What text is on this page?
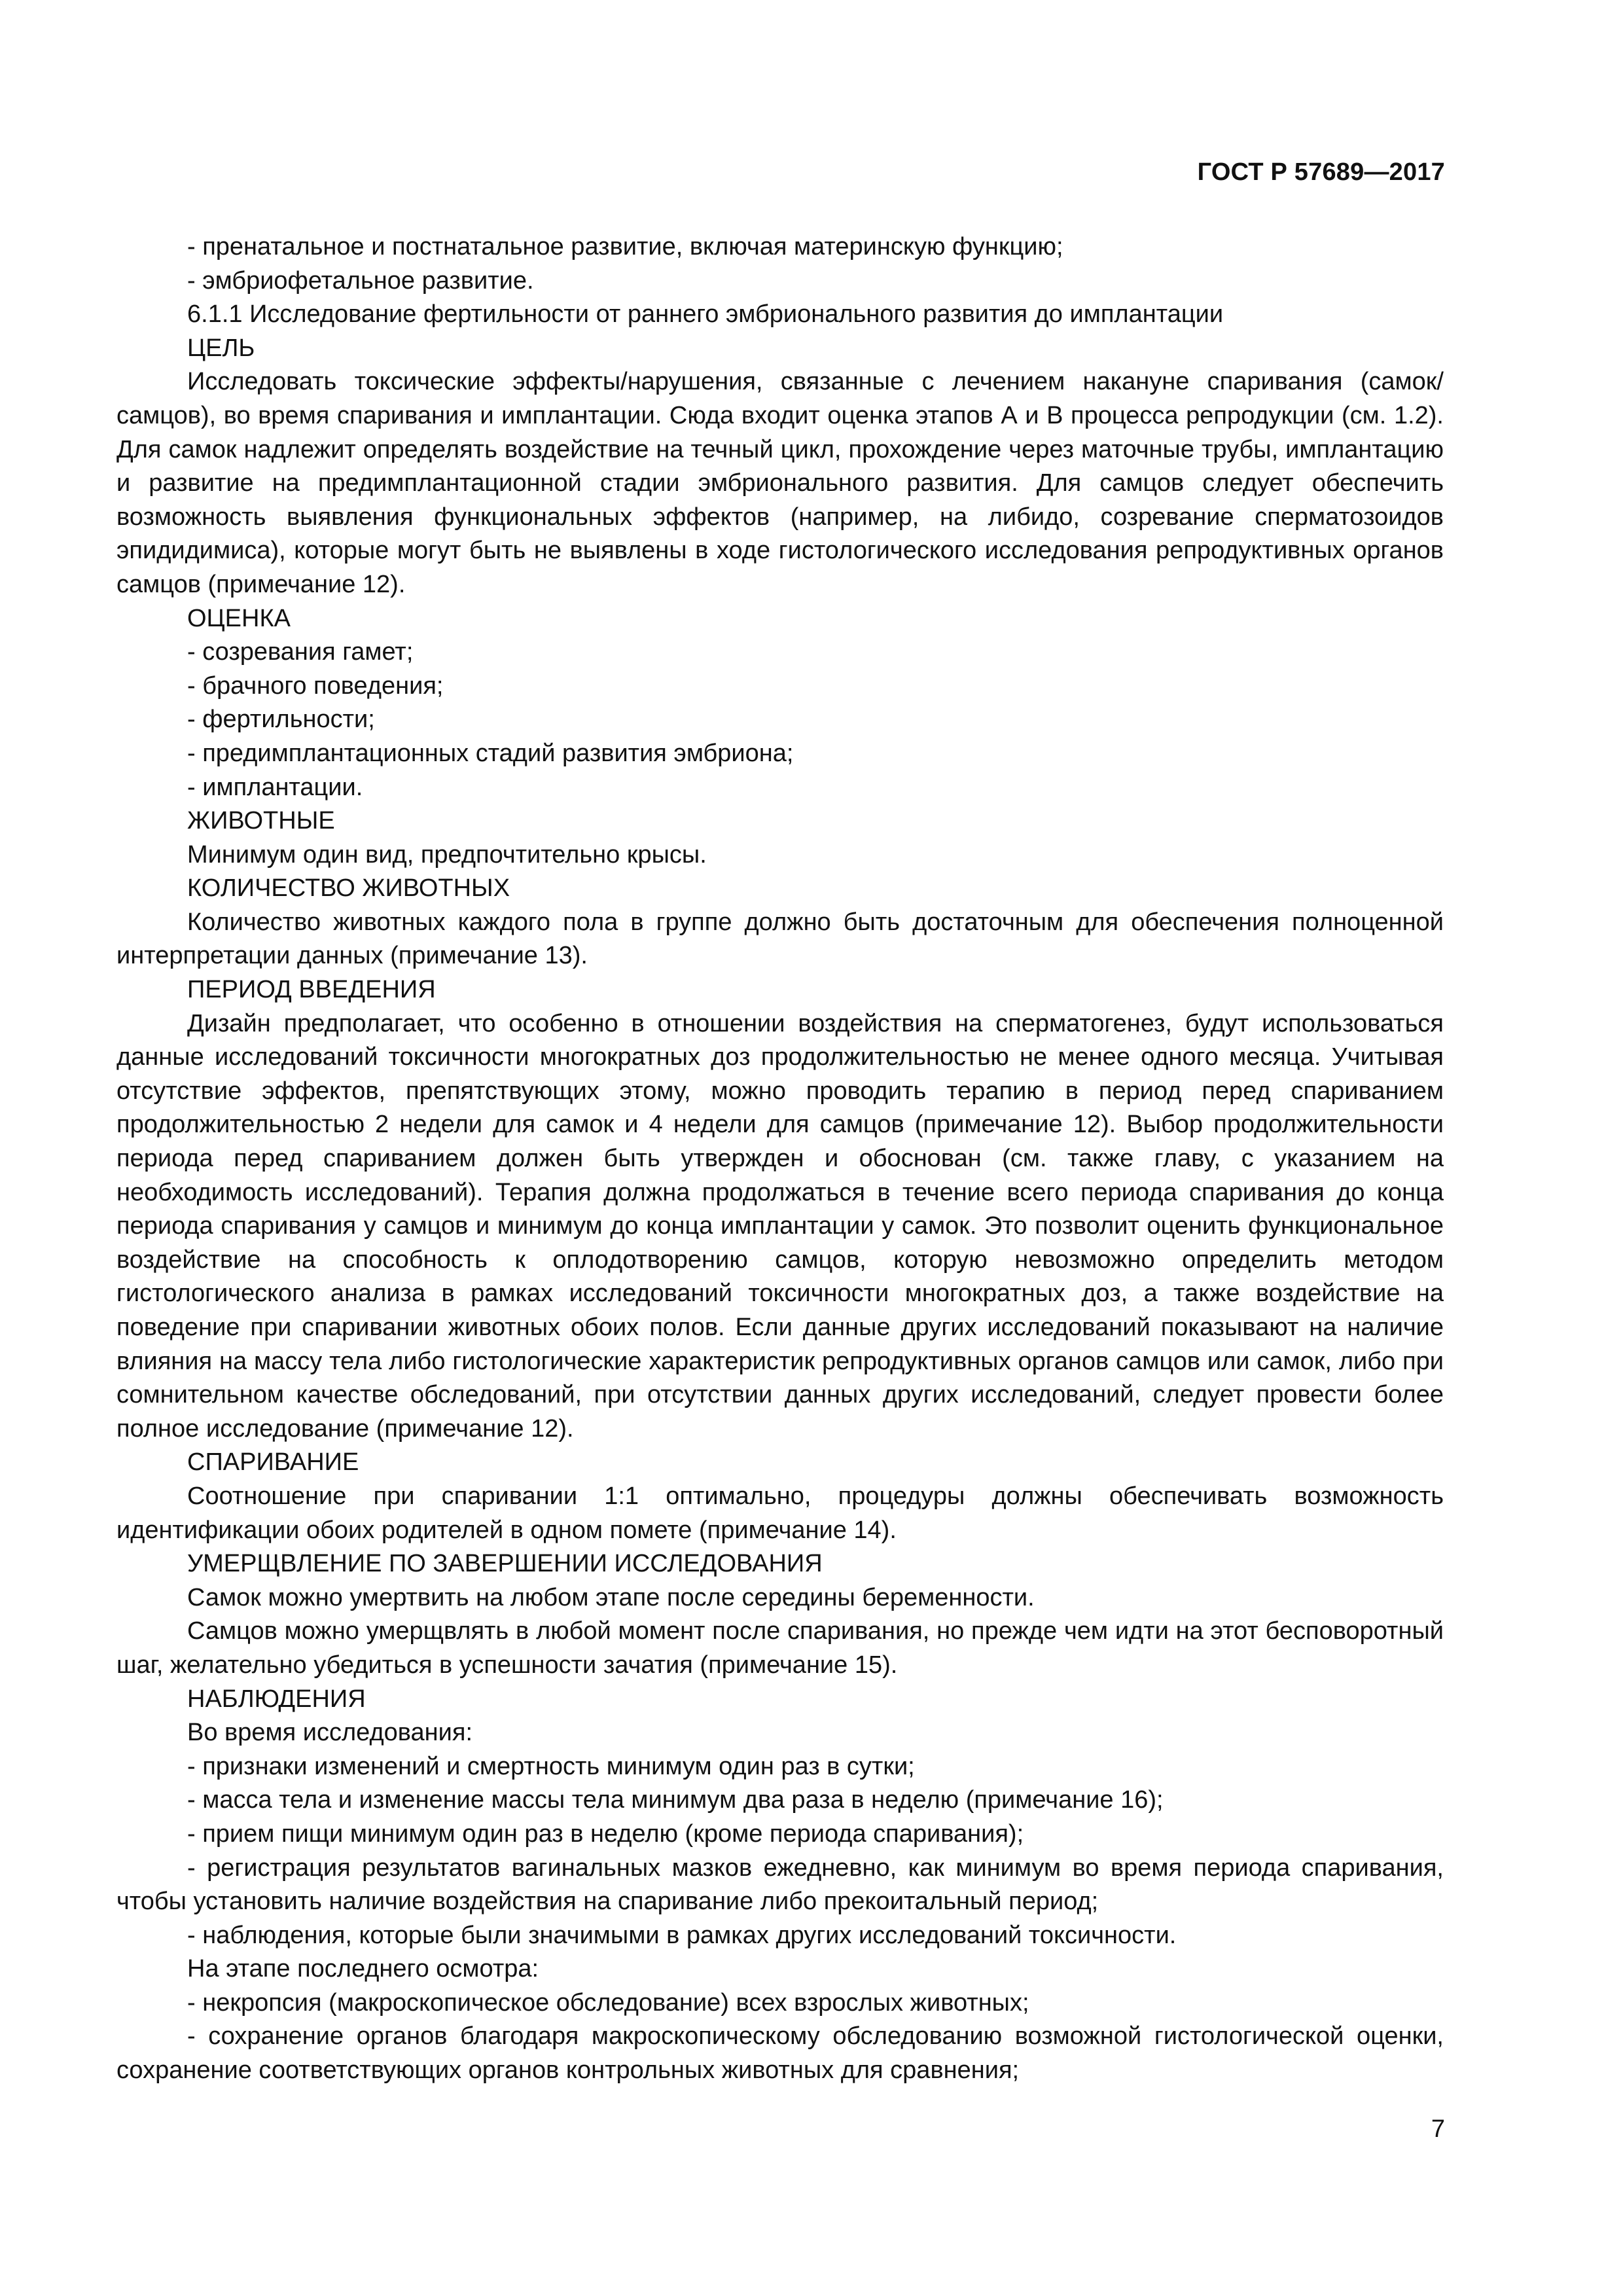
ГОСТ Р 57689—2017

- пренатальное и постнатальное развитие, включая материнскую функцию;

- эмбриофетальное развитие.

6.1.1 Исследование фертильности от раннего эмбрионального развития до имплантации

ЦЕЛЬ

Исследовать токсические эффекты/нарушения, связанные с лечением накануне спаривания (самок/самцов), во время спаривания и имплантации. Сюда входит оценка этапов А и В процесса репродукции (см. 1.2). Для самок надлежит определять воздействие на течный цикл, прохождение через маточные трубы, имплантацию и развитие на предимплантационной стадии эмбрионального развития. Для самцов следует обеспечить возможность выявления функциональных эффектов (например, на либидо, созревание сперматозоидов эпидидимиса), которые могут быть не выявлены в ходе гистологического исследования репродуктивных органов самцов (примечание 12).

ОЦЕНКА

- созревания гамет;

- брачного поведения;

- фертильности;

- предимплантационных стадий развития эмбриона;

- имплантации.

ЖИВОТНЫЕ

Минимум один вид, предпочтительно крысы.

КОЛИЧЕСТВО ЖИВОТНЫХ

Количество животных каждого пола в группе должно быть достаточным для обеспечения полноценной интерпретации данных (примечание 13).

ПЕРИОД ВВЕДЕНИЯ

Дизайн предполагает, что особенно в отношении воздействия на сперматогенез, будут использоваться данные исследований токсичности многократных доз продолжительностью не менее одного месяца. Учитывая отсутствие эффектов, препятствующих этому, можно проводить терапию в период перед спариванием продолжительностью 2 недели для самок и 4 недели для самцов (примечание 12). Выбор продолжительности периода перед спариванием должен быть утвержден и обоснован (см. также главу, с указанием на необходимость исследований). Терапия должна продолжаться в течение всего периода спаривания до конца периода спаривания у самцов и минимум до конца имплантации у самок. Это позволит оценить функциональное воздействие на способность к оплодотворению самцов, которую невозможно определить методом гистологического анализа в рамках исследований токсичности многократных доз, а также воздействие на поведение при спаривании животных обоих полов. Если данные других исследований показывают на наличие влияния на массу тела либо гистологические характеристик репродуктивных органов самцов или самок, либо при сомнительном качестве обследований, при отсутствии данных других исследований, следует провести более полное исследование (примечание 12).

СПАРИВАНИЕ

Соотношение при спаривании 1:1 оптимально, процедуры должны обеспечивать возможность идентификации обоих родителей в одном помете (примечание 14).

УМЕРЩВЛЕНИЕ ПО ЗАВЕРШЕНИИ ИССЛЕДОВАНИЯ

Самок можно умертвить на любом этапе после середины беременности.

Самцов можно умерщвлять в любой момент после спаривания, но прежде чем идти на этот бесповоротный шаг, желательно убедиться в успешности зачатия (примечание 15).

НАБЛЮДЕНИЯ

Во время исследования:

- признаки изменений и смертность минимум один раз в сутки;

- масса тела и изменение массы тела минимум два раза в неделю (примечание 16);

- прием пищи минимум один раз в неделю (кроме периода спаривания);

- регистрация результатов вагинальных мазков ежедневно, как минимум во время периода спаривания, чтобы установить наличие воздействия на спаривание либо прекоитальный период;

- наблюдения, которые были значимыми в рамках других исследований токсичности.

На этапе последнего осмотра:

- некропсия (макроскопическое обследование) всех взрослых животных;

- сохранение органов благодаря макроскопическому обследованию возможной гистологической оценки, сохранение соответствующих органов контрольных животных для сравнения;

7
